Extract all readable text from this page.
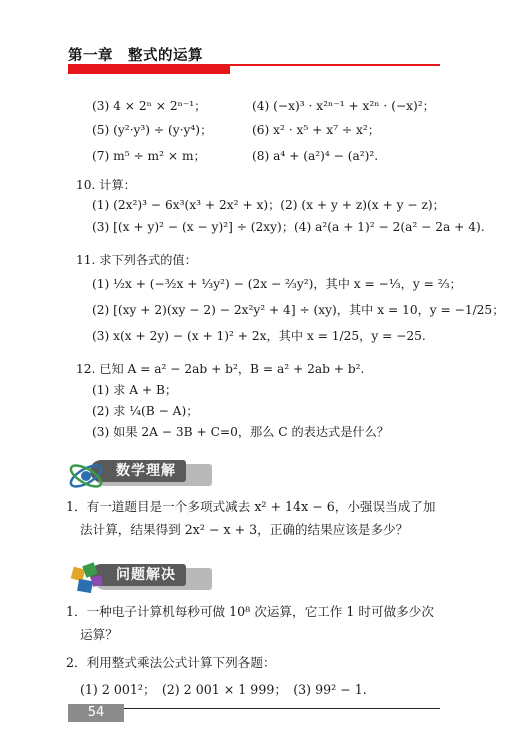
第一章　整式的运算
(3) 4 × 2ⁿ × 2ⁿ⁻¹；	(4) (−x)³ · x²ⁿ⁻¹ + x²ⁿ · (−x)²；
(5) (y²·y³) ÷ (y·y⁴)；	(6) x² · x⁵ + x⁷ ÷ x²；
(7) m⁵ ÷ m² × m；	(8) a⁴ + (a²)⁴ − (a²)².
10. 计算：
(1) (2x²)³ − 6x³(x³ + 2x² + x)；(2) (x + y + z)(x + y − z)；
(3) [(x + y)² − (x − y)²] ÷ (2xy)；(4) a²(a + 1)² − 2(a² − 2a + 4).
11. 求下列各式的值：
(1) ½x + (−³⁄₂x + ⅓y²) − (2x − ⅔y²)，其中 x = −⅓，y = ⅔；
(2) [(xy + 2)(xy − 2) − 2x²y² + 4] ÷ (xy)，其中 x = 10，y = −1/25；
(3) x(x + 2y) − (x + 1)² + 2x，其中 x = 1/25，y = −25.
12. 已知 A = a² − 2ab + b²，B = a² + 2ab + b².
(1) 求 A + B；
(2) 求 ¼(B − A)；
(3) 如果 2A − 3B + C=0，那么 C 的表达式是什么？
数学理解
1．有一道题目是一个多项式减去 x² + 14x − 6，小强误当成了加
法计算，结果得到 2x² − x + 3，正确的结果应该是多少？
问题解决
1．一种电子计算机每秒可做 10⁸ 次运算，它工作 1 时可做多少次
运算？
2．利用整式乘法公式计算下列各题：
(1) 2 001²；　(2) 2 001 × 1 999；　(3) 99² − 1.
54
